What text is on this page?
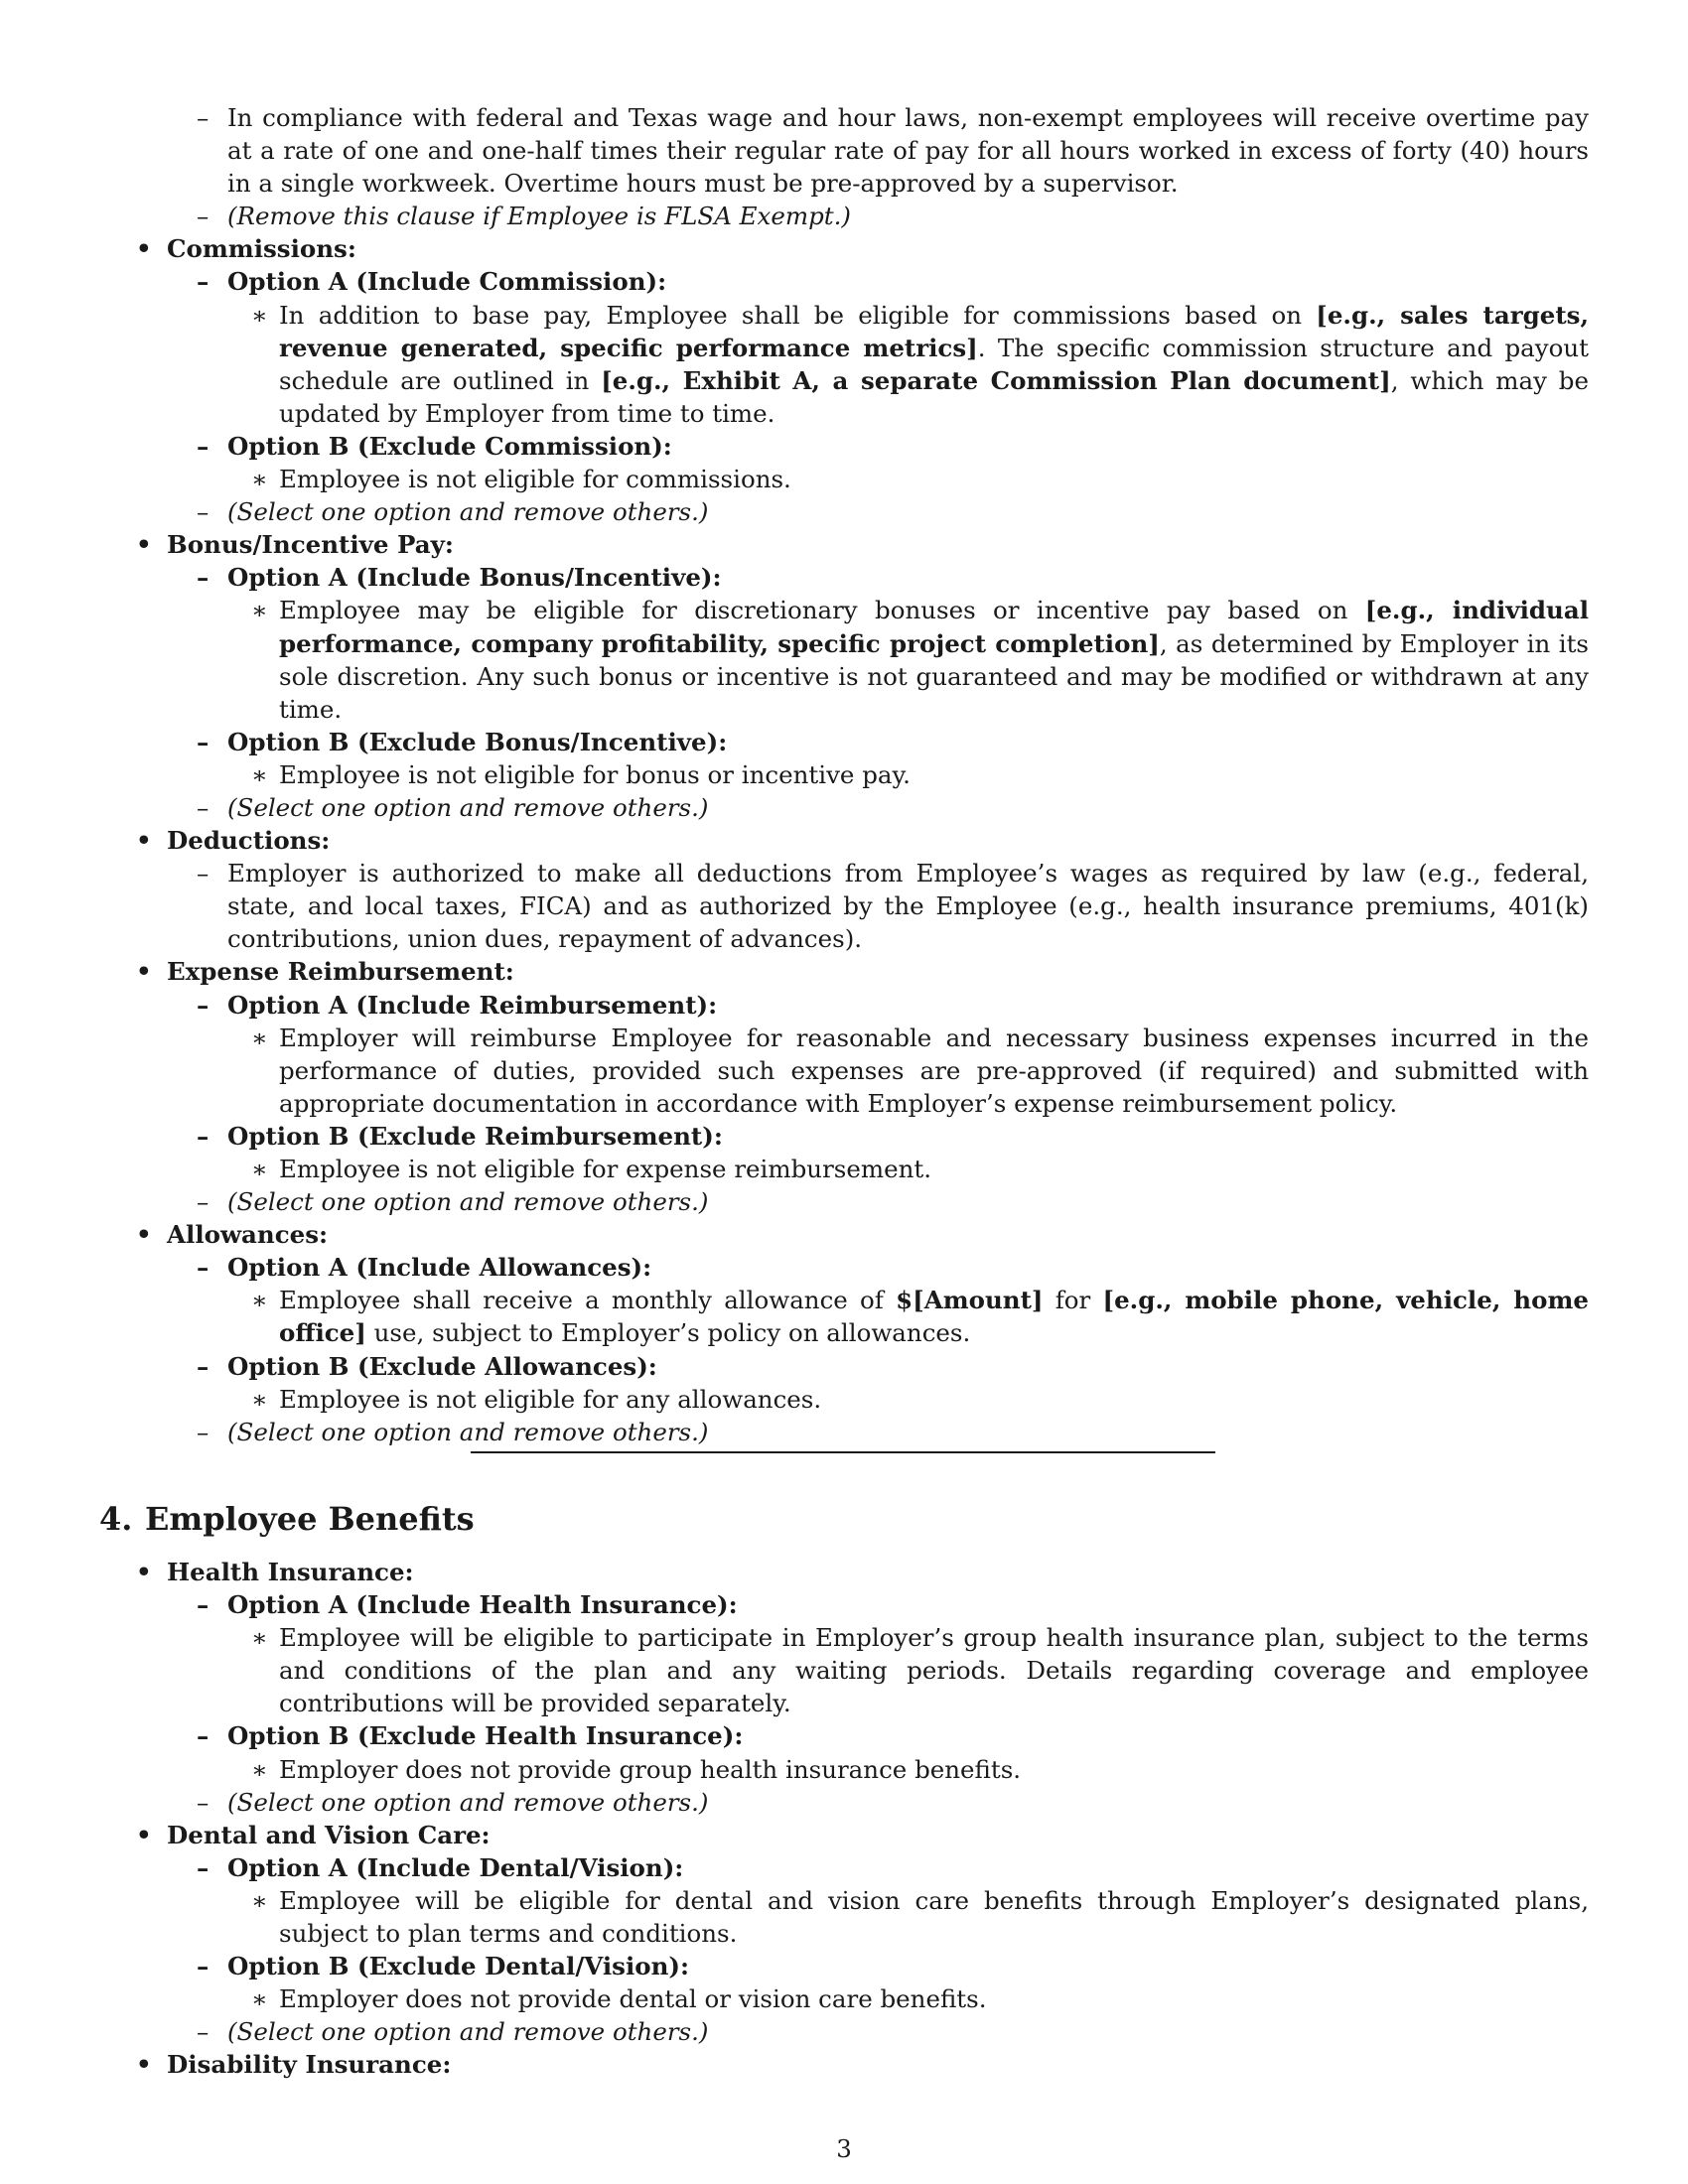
– In compliance with federal and Texas wage and hour laws, non-exempt employees will receive overtime pay at a rate of one and one-half times their regular rate of pay for all hours worked in excess of forty (40) hours in a single workweek. Overtime hours must be pre-approved by a supervisor.
– (Remove this clause if Employee is FLSA Exempt.)
• Commissions:
– Option A (Include Commission):
∗ In addition to base pay, Employee shall be eligible for commissions based on [e.g., sales targets, revenue generated, specific performance metrics]. The specific commission structure and payout schedule are outlined in [e.g., Exhibit A, a separate Commission Plan document], which may be updated by Employer from time to time.
– Option B (Exclude Commission):
∗ Employee is not eligible for commissions.
– (Select one option and remove others.)
• Bonus/Incentive Pay:
– Option A (Include Bonus/Incentive):
∗ Employee may be eligible for discretionary bonuses or incentive pay based on [e.g., individual performance, company profitability, specific project completion], as determined by Employer in its sole discretion. Any such bonus or incentive is not guaranteed and may be modified or withdrawn at any time.
– Option B (Exclude Bonus/Incentive):
∗ Employee is not eligible for bonus or incentive pay.
– (Select one option and remove others.)
• Deductions:
– Employer is authorized to make all deductions from Employee’s wages as required by law (e.g., federal, state, and local taxes, FICA) and as authorized by the Employee (e.g., health insurance premiums, 401(k) contributions, union dues, repayment of advances).
• Expense Reimbursement:
– Option A (Include Reimbursement):
∗ Employer will reimburse Employee for reasonable and necessary business expenses incurred in the performance of duties, provided such expenses are pre-approved (if required) and submitted with appropriate documentation in accordance with Employer’s expense reimbursement policy.
– Option B (Exclude Reimbursement):
∗ Employee is not eligible for expense reimbursement.
– (Select one option and remove others.)
• Allowances:
– Option A (Include Allowances):
∗ Employee shall receive a monthly allowance of $[Amount] for [e.g., mobile phone, vehicle, home office] use, subject to Employer’s policy on allowances.
– Option B (Exclude Allowances):
∗ Employee is not eligible for any allowances.
– (Select one option and remove others.)
4. Employee Benefits
• Health Insurance:
– Option A (Include Health Insurance):
∗ Employee will be eligible to participate in Employer’s group health insurance plan, subject to the terms and conditions of the plan and any waiting periods. Details regarding coverage and employee contributions will be provided separately.
– Option B (Exclude Health Insurance):
∗ Employer does not provide group health insurance benefits.
– (Select one option and remove others.)
• Dental and Vision Care:
– Option A (Include Dental/Vision):
∗ Employee will be eligible for dental and vision care benefits through Employer’s designated plans, subject to plan terms and conditions.
– Option B (Exclude Dental/Vision):
∗ Employer does not provide dental or vision care benefits.
– (Select one option and remove others.)
• Disability Insurance:
3
